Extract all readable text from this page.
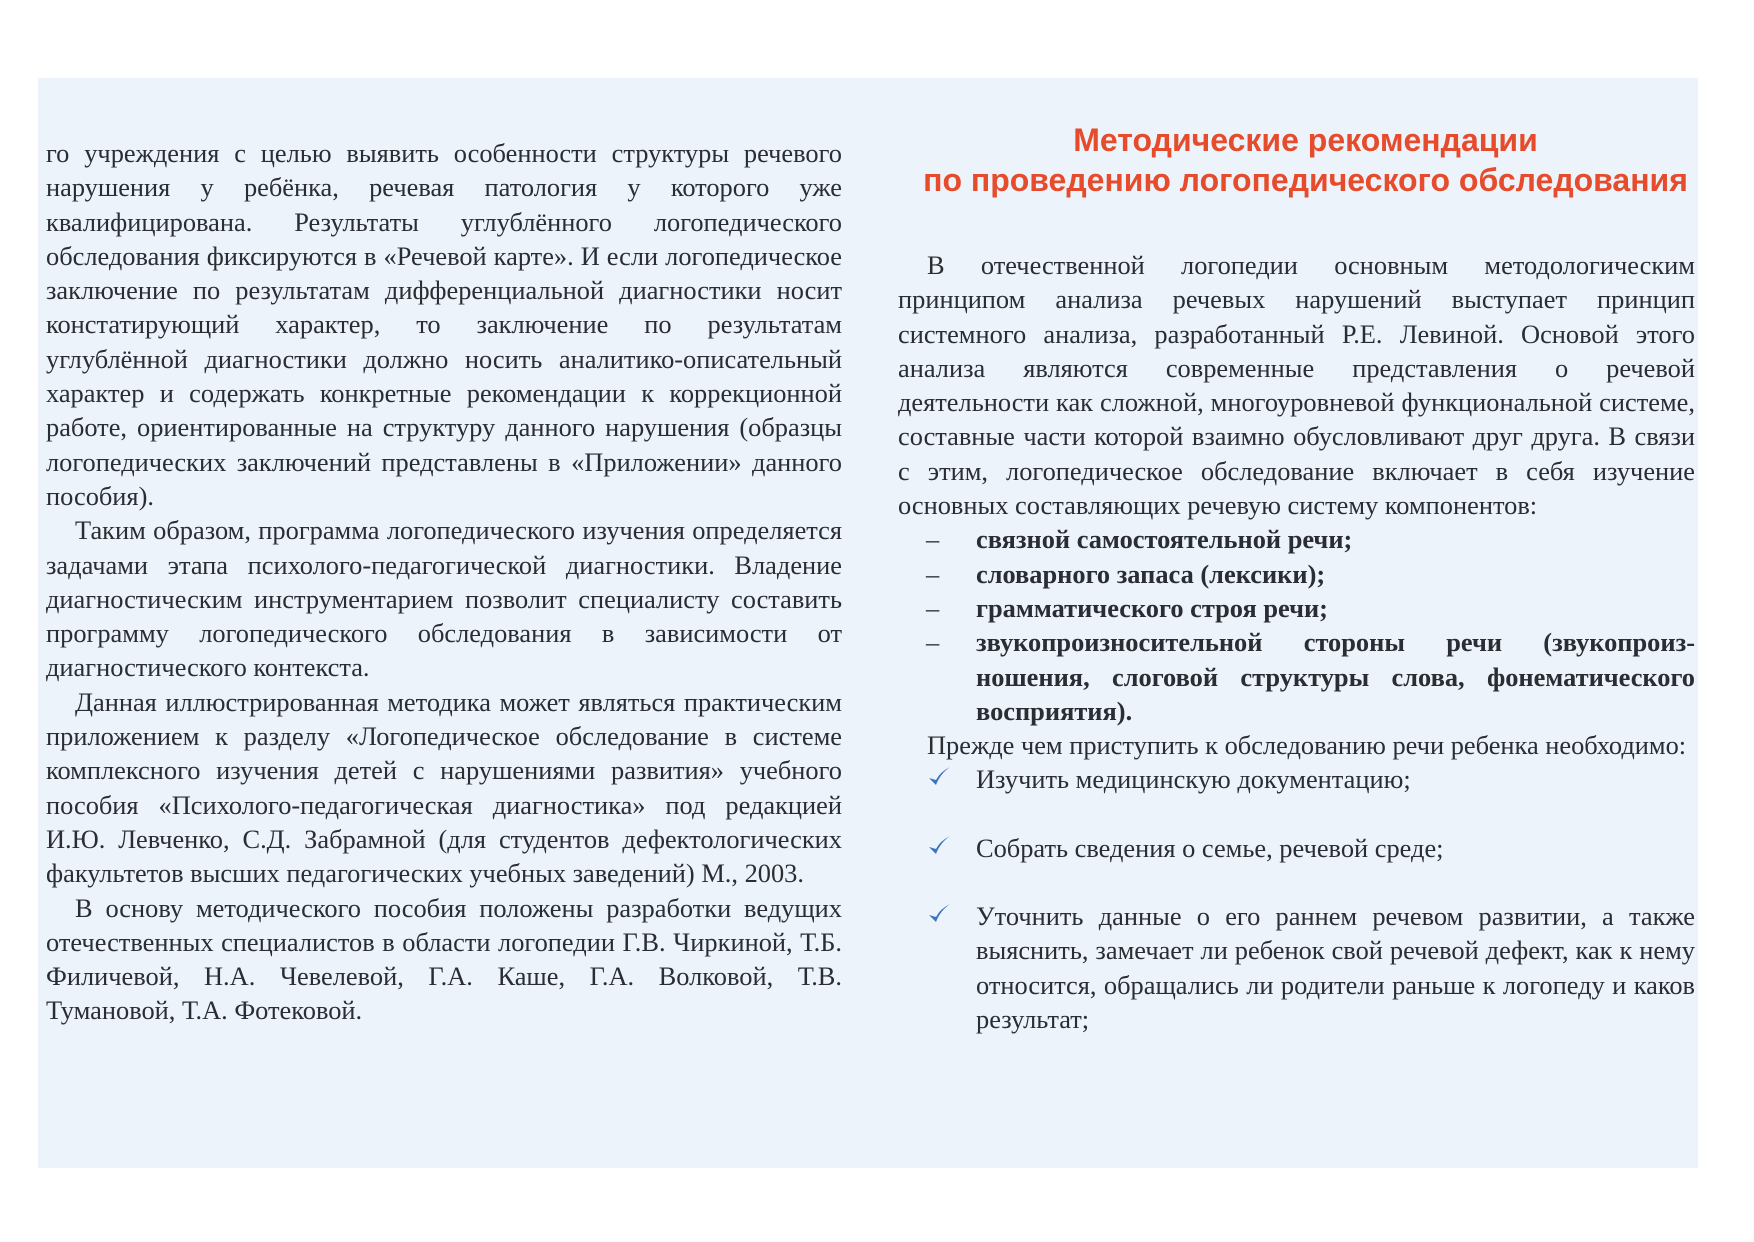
го учреждения с целью выявить особенности структуры речевого нарушения у ребёнка, речевая патология у которого уже квалифицирована. Результаты углублённого логопедического обследования фиксируются в «Речевой карте». И если логопедическое заключение по результатам дифференциальной диагностики носит констатирующий характер, то заключение по результатам углублённой диагностики должно носить аналитико-описательный характер и содержать конкретные рекомендации к коррекционной работе, ориентированные на структуру данного нарушения (образцы логопедических заключений представлены в «Приложении» данного пособия).

Таким образом, программа логопедического изучения определяется задачами этапа психолого-педагогической диагностики. Владение диагностическим инструментарием позволит специалисту составить программу логопедического обследования в зависимости от диагностического контекста.

Данная иллюстрированная методика может являться практическим приложением к разделу «Логопедическое обследование в системе комплексного изучения детей с нарушениями развития» учебного пособия «Психолого-педагогическая диагностика» под редакцией И.Ю. Левченко, С.Д. Забрамной (для студентов дефектологических факультетов высших педагогических учебных заведений) М., 2003.

В основу методического пособия положены разработки ведущих отечественных специалистов в области логопедии Г.В. Чиркиной, Т.Б. Филичевой, Н.А. Чевелевой, Г.А. Каше, Г.А. Волковой, Т.В. Тумановой, Т.А. Фотековой.

Методические рекомендации
по проведению логопедического обследования

В отечественной логопедии основным методологическим принципом анализа речевых нарушений выступает принцип системного анализа, разработанный Р.Е. Левиной. Основой этого анализа являются современные представления о речевой деятельности как сложной, многоуровневой функциональной системе, составные части которой взаимно обусловливают друг друга. В связи с этим, логопедическое обследование включает в себя изучение основных составляющих речевую систему компонентов:

– связной самостоятельной речи;
– словарного запаса (лексики);
– грамматического строя речи;
– звукопроизносительной стороны речи (звукопроизношения, слоговой структуры слова, фонематического восприятия).

Прежде чем приступить к обследованию речи ребенка необходимо:

Изучить медицинскую документацию;
Собрать сведения о семье, речевой среде;
Уточнить данные о его раннем речевом развитии, а также выяснить, замечает ли ребенок свой речевой дефект, как к нему относится, обращались ли родители раньше к логопеду и каков результат;
